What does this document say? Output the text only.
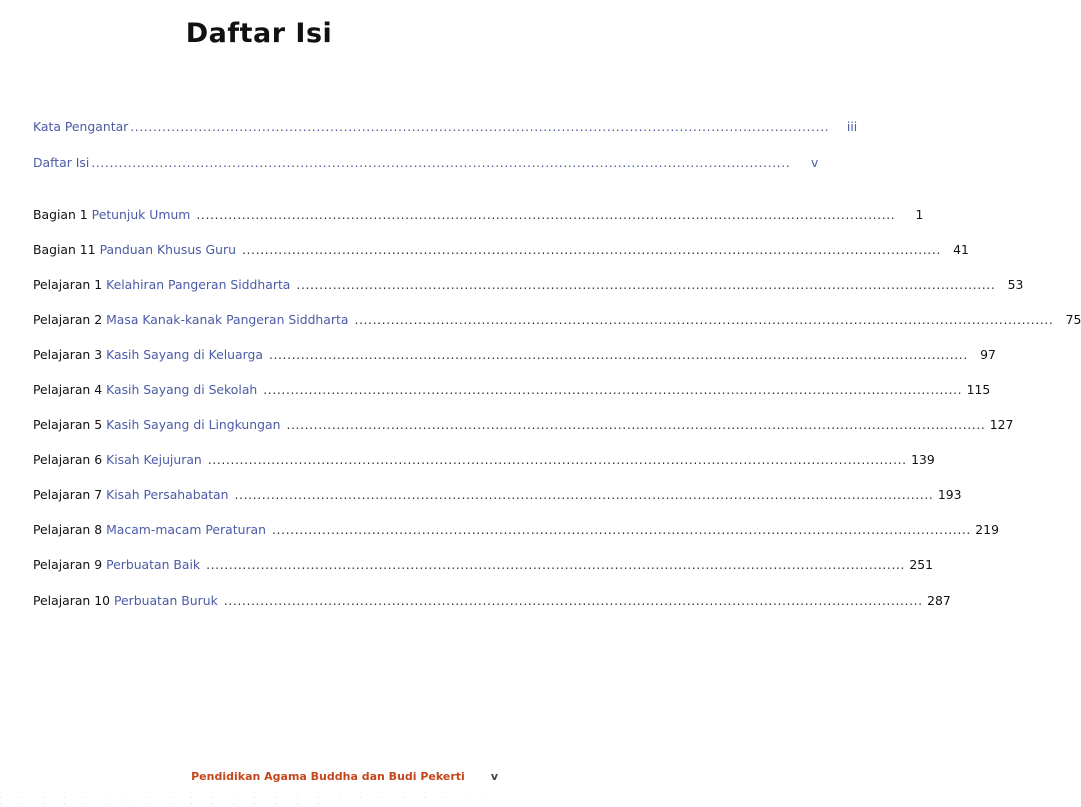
Daftar Isi
Kata Pengantar .....	iii
Daftar Isi .....	v
Bagian 1 Petunjuk Umum .....	1
Bagian 11 Panduan Khusus Guru .....	41
Pelajaran 1 Kelahiran Pangeran Siddharta .....	53
Pelajaran 2 Masa Kanak-kanak Pangeran Siddharta .....	75
Pelajaran 3 Kasih Sayang di Keluarga .....	97
Pelajaran 4 Kasih Sayang di Sekolah .....	115
Pelajaran 5 Kasih Sayang di Lingkungan .....	127
Pelajaran 6 Kisah Kejujuran .....	139
Pelajaran 7 Kisah Persahabatan .....	193
Pelajaran 8 Macam-macam Peraturan .....	219
Pelajaran 9 Perbuatan Baik .....	251
Pelajaran 10 Perbuatan Buruk .....	287
Pendidikan Agama Buddha dan Budi Pekerti v
· · · · · · · · · · · · · · · · · · · · · · · · · · · · · · · · · · · · · · · ·
